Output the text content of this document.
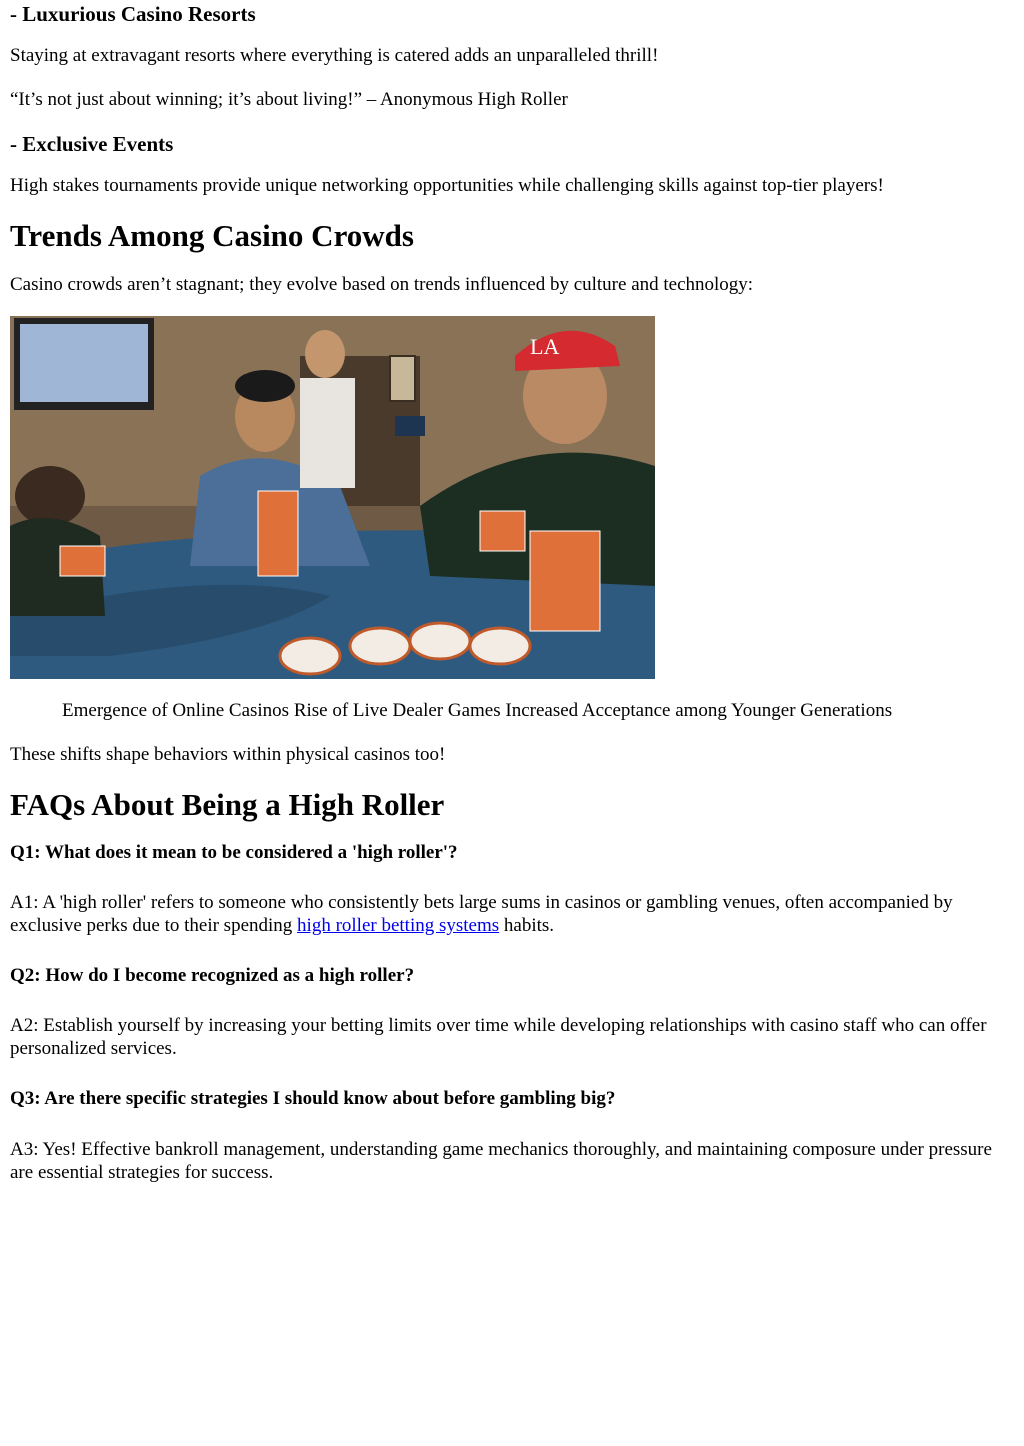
- Luxurious Casino Resorts

Staying at extravagant resorts where everything is catered adds an unparalleled thrill!

“It’s not just about winning; it’s about living!” – Anonymous High Roller

- Exclusive Events

High stakes tournaments provide unique networking opportunities while challenging skills against top-tier players!

Trends Among Casino Crowds

Casino crowds aren’t stagnant; they evolve based on trends influenced by culture and technology:

LA
Emergence of Online Casinos Rise of Live Dealer Games Increased Acceptance among Younger Generations

These shifts shape behaviors within physical casinos too!

FAQs About Being a High Roller

Q1: What does it mean to be considered a 'high roller'?

A1: A 'high roller' refers to someone who consistently bets large sums in casinos or gambling venues, often accompanied by exclusive perks due to their spending high roller betting systems habits.

Q2: How do I become recognized as a high roller?

A2: Establish yourself by increasing your betting limits over time while developing relationships with casino staff who can offer personalized services.

Q3: Are there specific strategies I should know about before gambling big?

A3: Yes! Effective bankroll management, understanding game mechanics thoroughly, and maintaining composure under pressure are essential strategies for success.
